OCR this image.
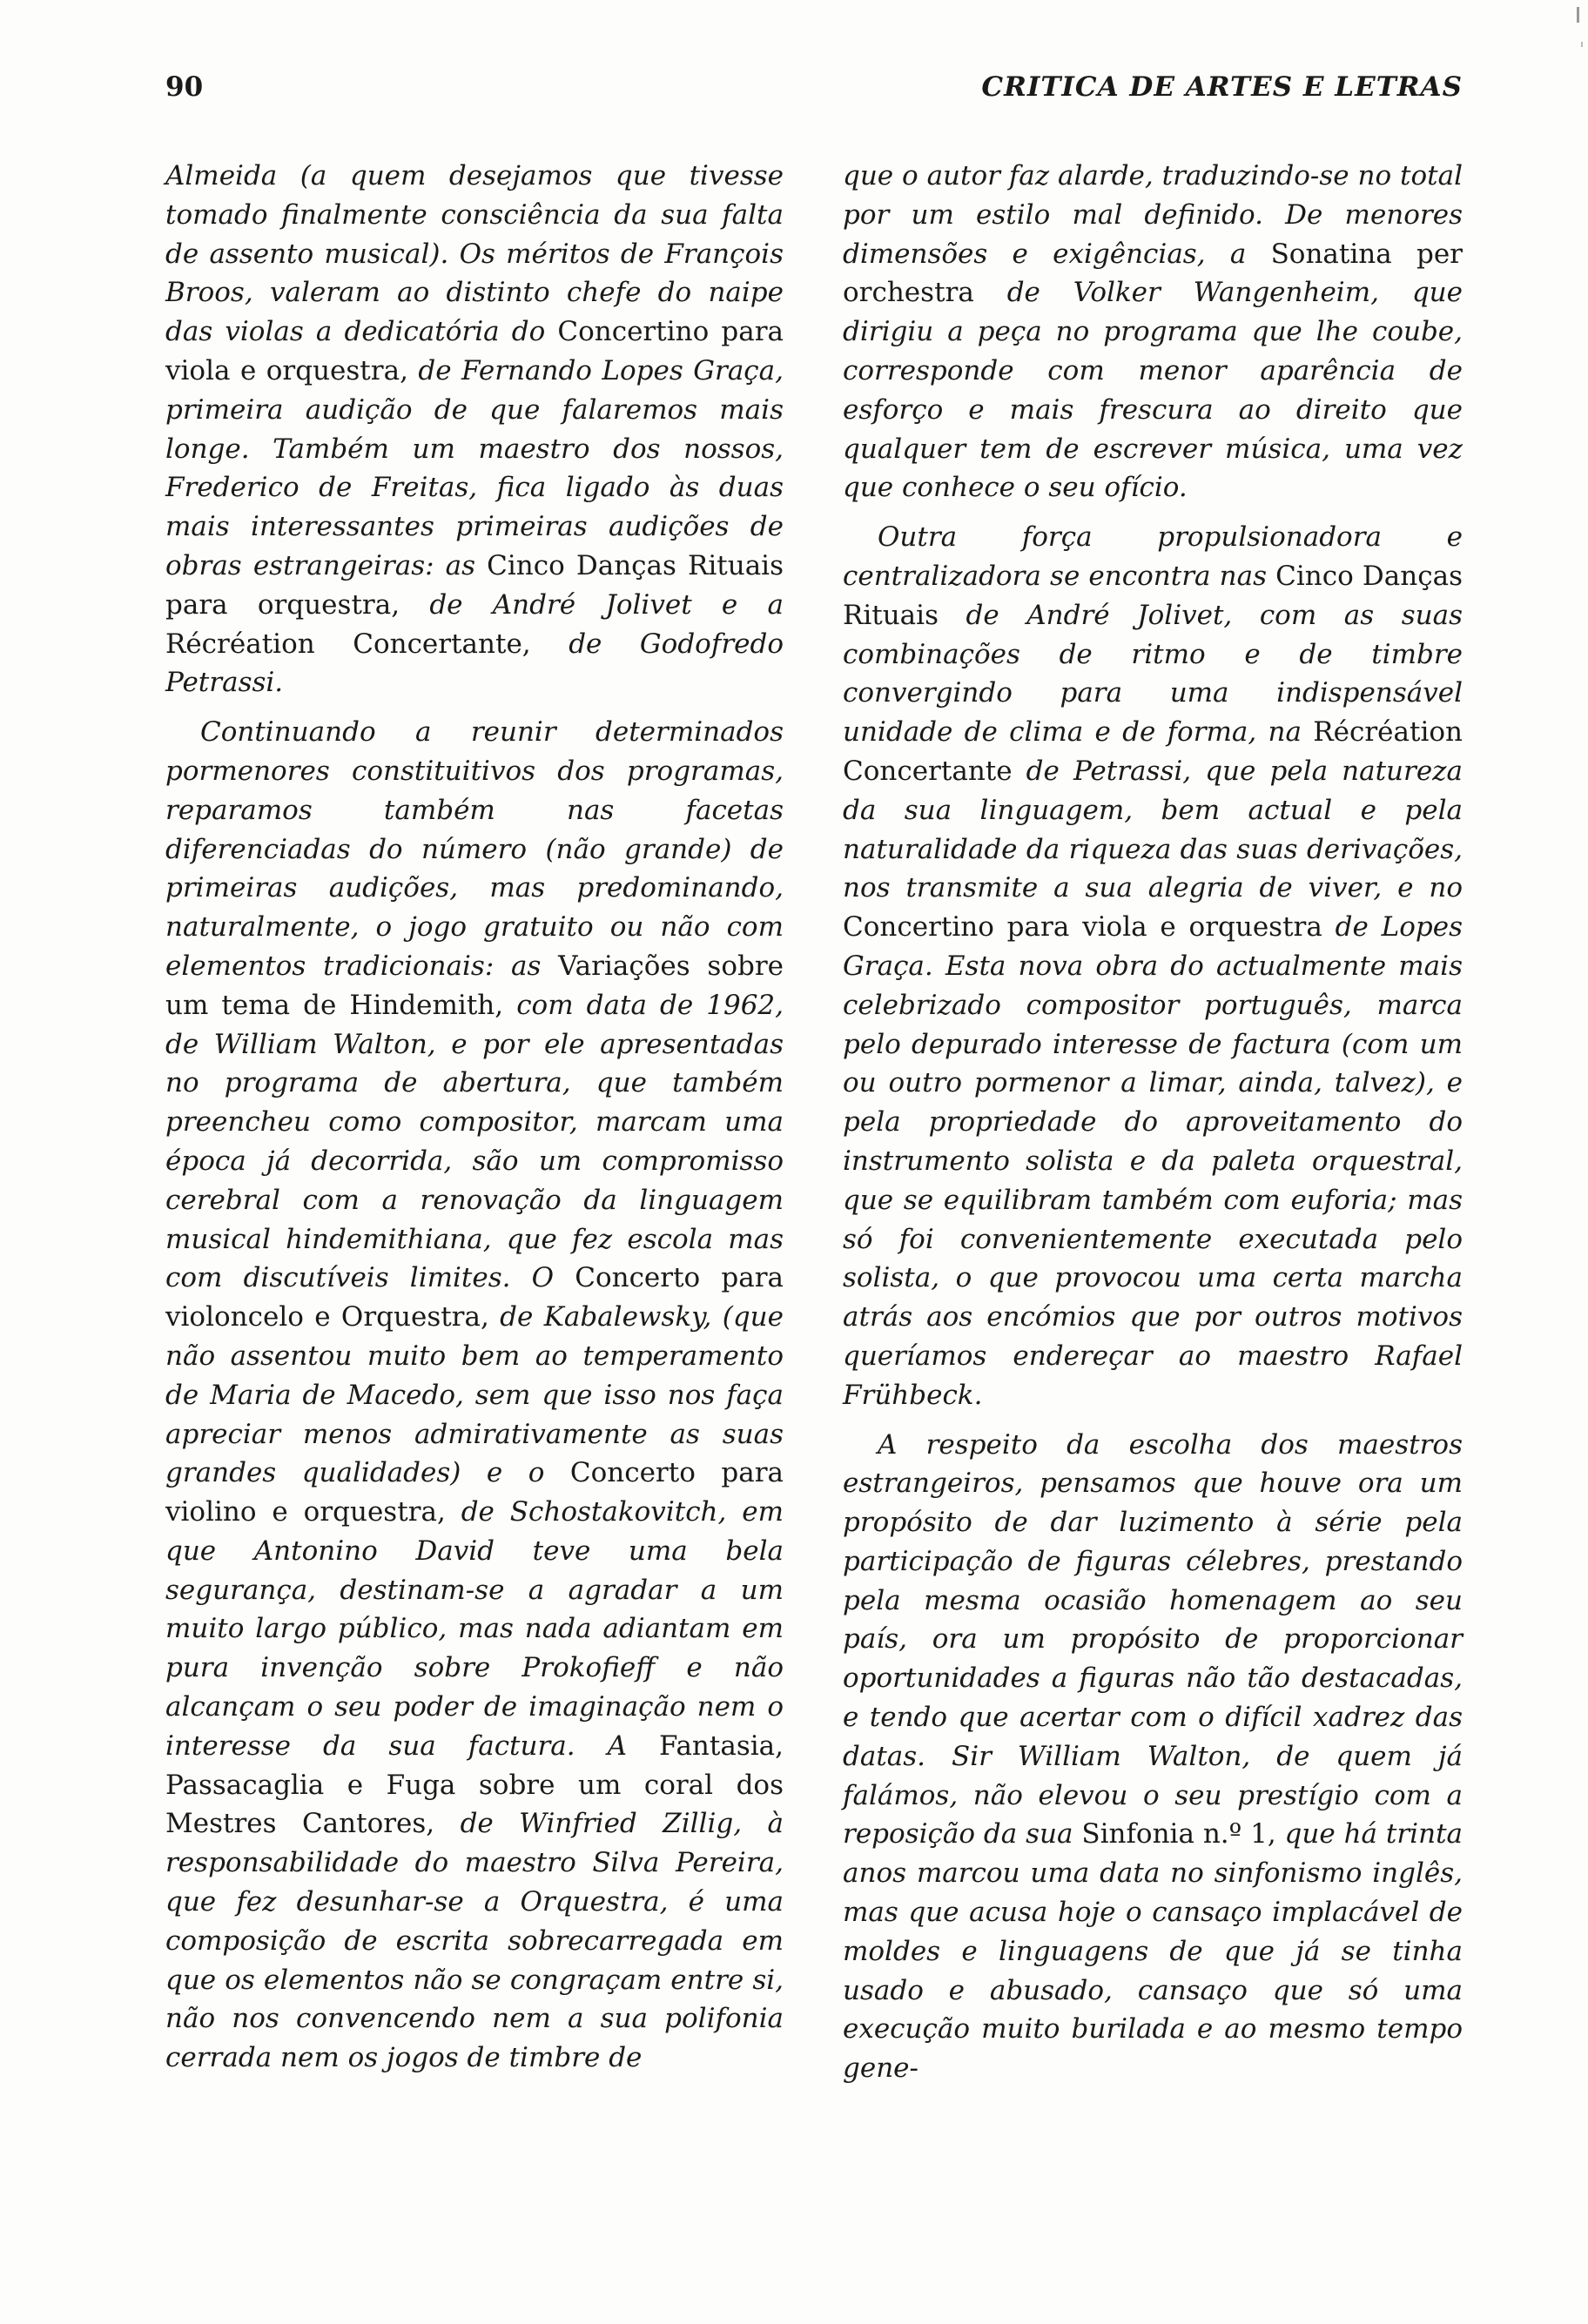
90	CRITICA DE ARTES E LETRAS

Almeida (a quem desejamos que tivesse tomado finalmente consciência da sua falta de assento musical). Os méritos de François Broos, valeram ao distinto chefe do naipe das violas a dedicatória do Concertino para viola e orquestra, de Fernando Lopes Graça, primeira audição de que falaremos mais longe. Também um maestro dos nossos, Frederico de Freitas, fica ligado às duas mais interessantes primeiras audições de obras estrangeiras: as Cinco Danças Rituais para orquestra, de André Jolivet e a Récréation Concertante, de Godofredo Petrassi.

Continuando a reunir determinados pormenores constituitivos dos programas, reparamos também nas facetas diferenciadas do número (não grande) de primeiras audições, mas predominando, naturalmente, o jogo gratuito ou não com elementos tradicionais: as Variações sobre um tema de Hindemith, com data de 1962, de William Walton, e por ele apresentadas no programa de abertura, que também preencheu como compositor, marcam uma época já decorrida, são um compromisso cerebral com a renovação da linguagem musical hindemithiana, que fez escola mas com discutíveis limites. O Concerto para violoncelo e Orquestra, de Kabalewsky, (que não assentou muito bem ao temperamento de Maria de Macedo, sem que isso nos faça apreciar menos admirativamente as suas grandes qualidades) e o Concerto para violino e orquestra, de Schostakovitch, em que Antonino David teve uma bela segurança, destinam-se a agradar a um muito largo público, mas nada adiantam em pura invenção sobre Prokofieff e não alcançam o seu poder de imaginação nem o interesse da sua factura. A Fantasia, Passacaglia e Fuga sobre um coral dos Mestres Cantores, de Winfried Zillig, à responsabilidade do maestro Silva Pereira, que fez desunhar-se a Orquestra, é uma composição de escrita sobrecarregada em que os elementos não se congraçam entre si, não nos convencendo nem a sua polifonia cerrada nem os jogos de timbre de

que o autor faz alarde, traduzindo-se no total por um estilo mal definido. De menores dimensões e exigências, a Sonatina per orchestra de Volker Wangenheim, que dirigiu a peça no programa que lhe coube, corresponde com menor aparência de esforço e mais frescura ao direito que qualquer tem de escrever música, uma vez que conhece o seu ofício.

Outra força propulsionadora e centralizadora se encontra nas Cinco Danças Rituais de André Jolivet, com as suas combinações de ritmo e de timbre convergindo para uma indispensável unidade de clima e de forma, na Récréation Concertante de Petrassi, que pela natureza da sua linguagem, bem actual e pela naturalidade da riqueza das suas derivações, nos transmite a sua alegria de viver, e no Concertino para viola e orquestra de Lopes Graça. Esta nova obra do actualmente mais celebrizado compositor português, marca pelo depurado interesse de factura (com um ou outro pormenor a limar, ainda, talvez), e pela propriedade do aproveitamento do instrumento solista e da paleta orquestral, que se equilibram também com euforia; mas só foi convenientemente executada pelo solista, o que provocou uma certa marcha atrás aos encómios que por outros motivos queríamos endereçar ao maestro Rafael Frühbeck.

A respeito da escolha dos maestros estrangeiros, pensamos que houve ora um propósito de dar luzimento à série pela participação de figuras célebres, prestando pela mesma ocasião homenagem ao seu país, ora um propósito de proporcionar oportunidades a figuras não tão destacadas, e tendo que acertar com o difícil xadrez das datas. Sir William Walton, de quem já falámos, não elevou o seu prestígio com a reposição da sua Sinfonia n.º 1, que há trinta anos marcou uma data no sinfonismo inglês, mas que acusa hoje o cansaço implacável de moldes e linguagens de que já se tinha usado e abusado, cansaço que só uma execução muito burilada e ao mesmo tempo gene-
